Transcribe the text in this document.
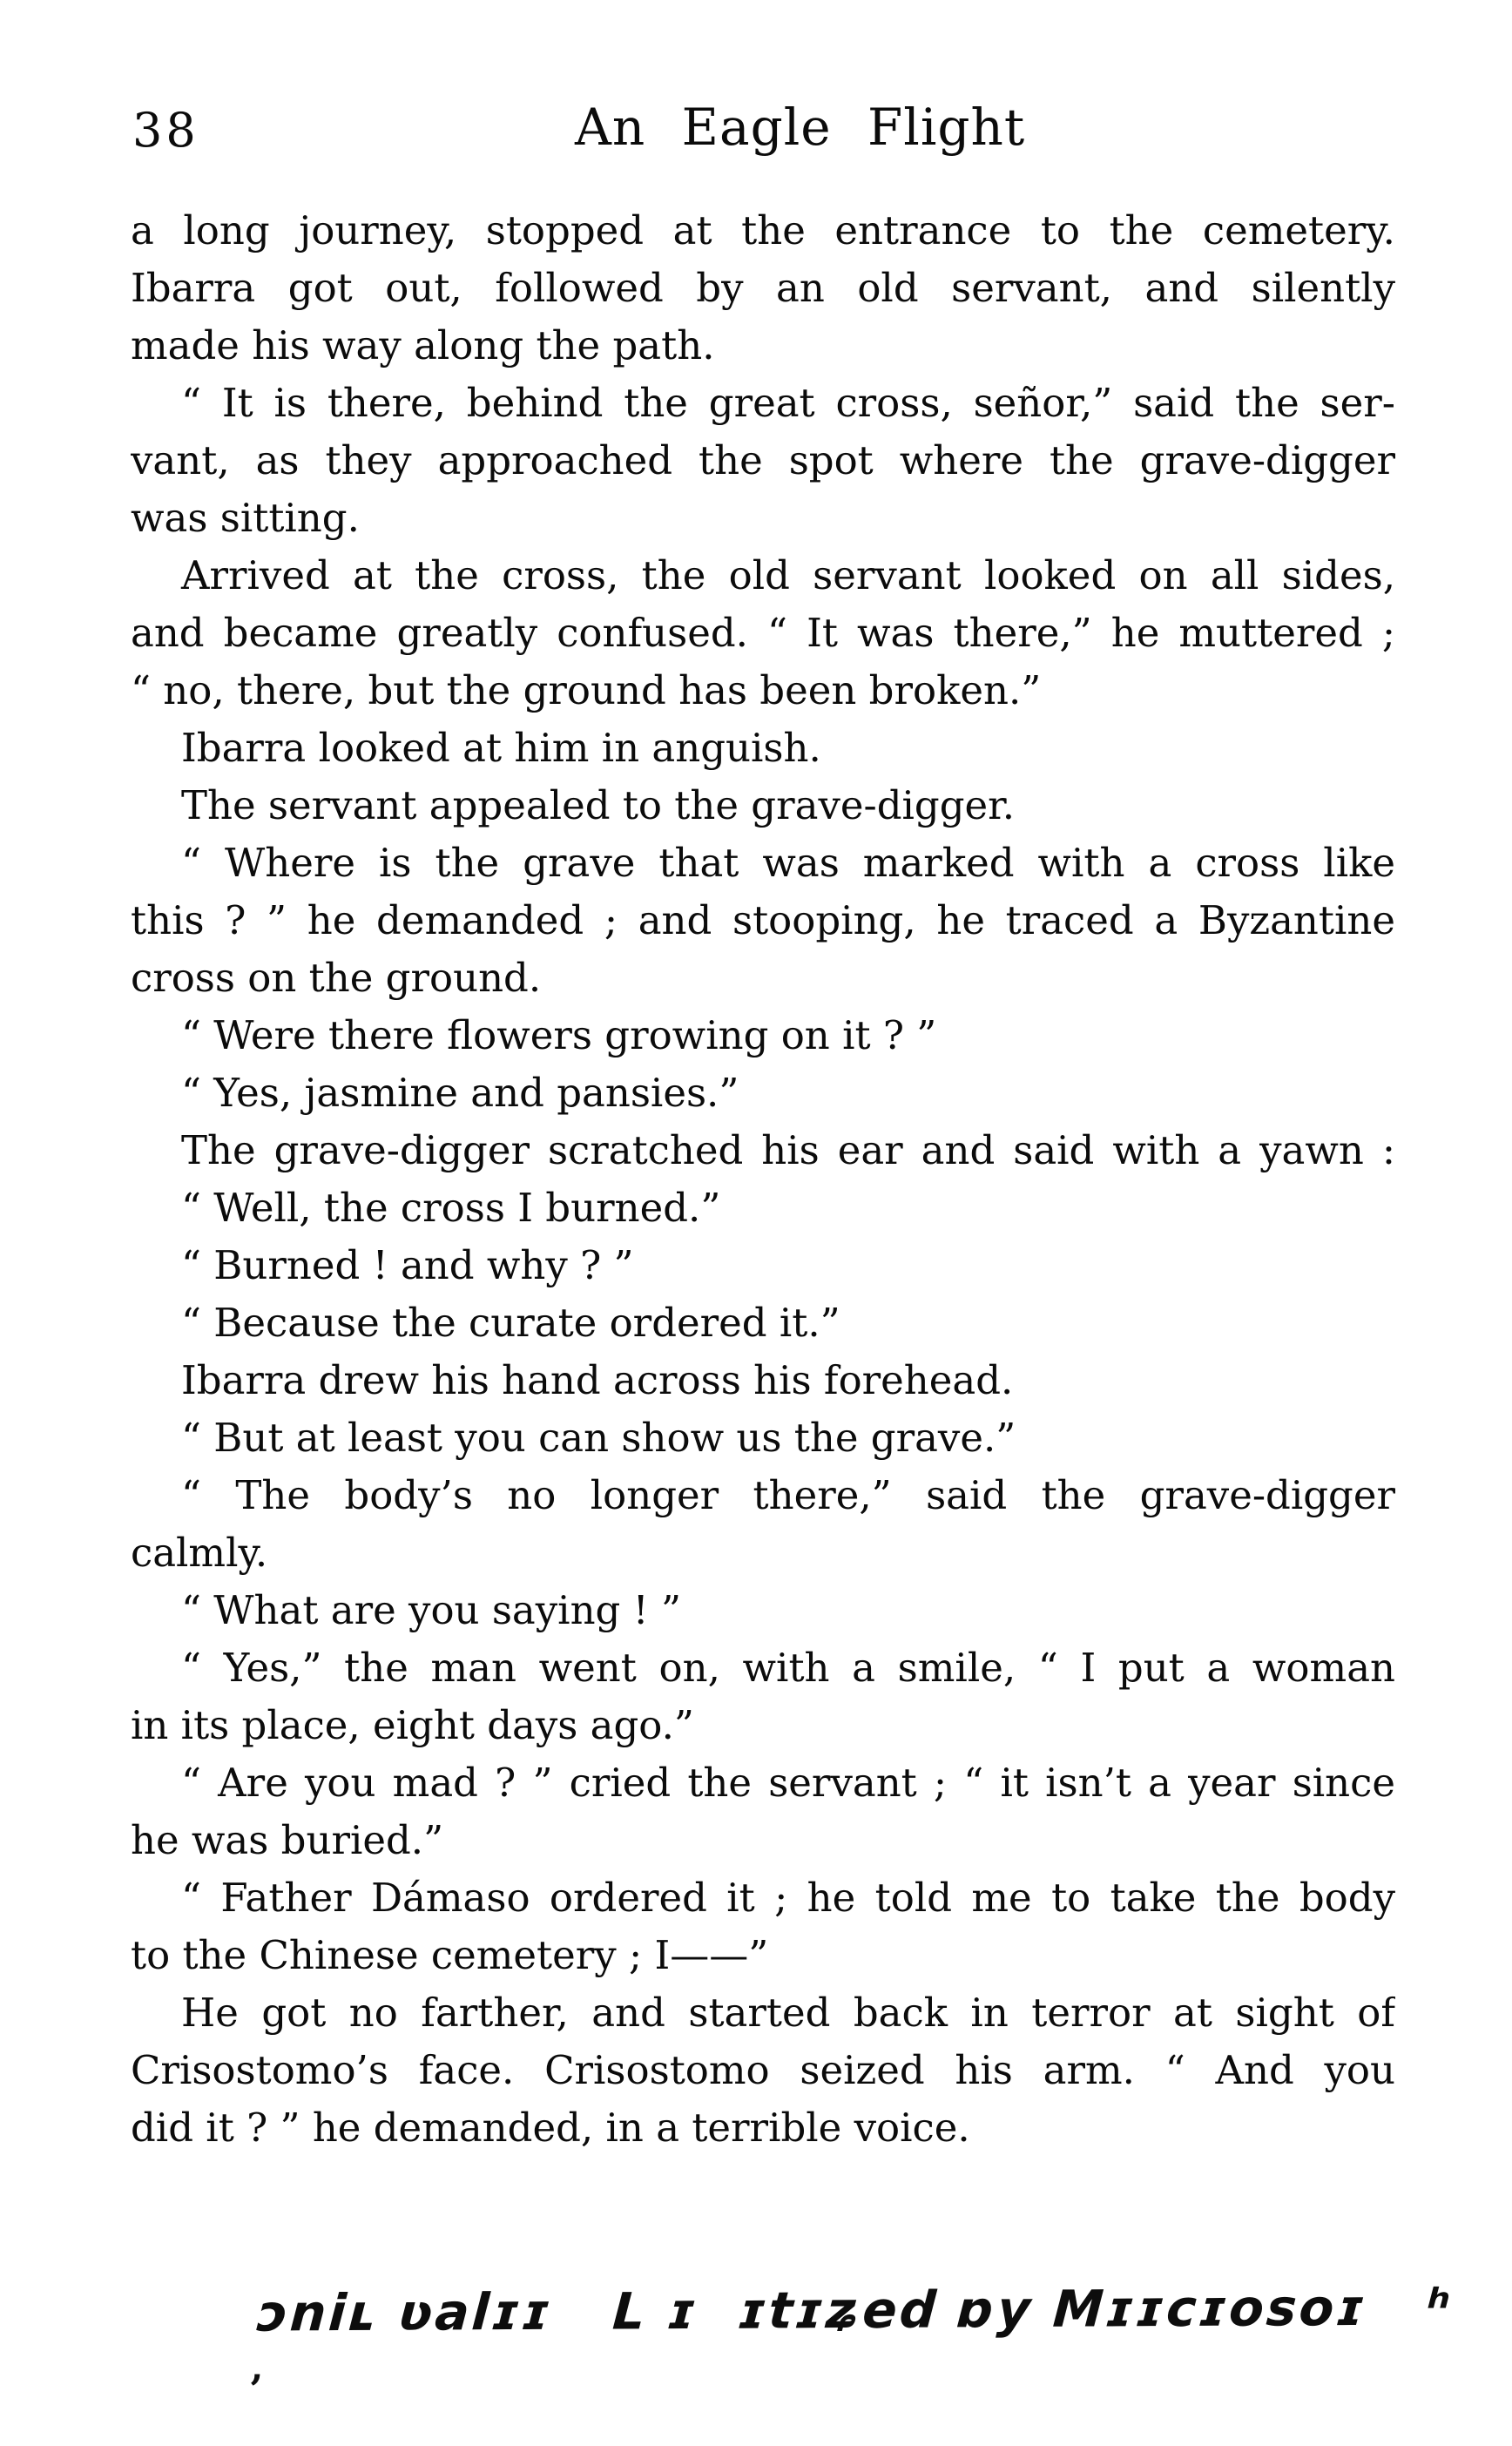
38	An Eagle Flight
a long journey, stopped at the entrance to the cemetery.
Ibarra got out, followed by an old servant, and silently
made his way along the path.
“ It is there, behind the great cross, señor,” said the ser-
vant, as they approached the spot where the grave-digger
was sitting.
Arrived at the cross, the old servant looked on all sides,
and became greatly confused. “ It was there,” he muttered ;
“ no, there, but the ground has been broken.”
Ibarra looked at him in anguish.
The servant appealed to the grave-digger.
“ Where is the grave that was marked with a cross like
this ? ” he demanded ; and stooping, he traced a Byzantine
cross on the ground.
“ Were there flowers growing on it ? ”
“ Yes, jasmine and pansies.”
The grave-digger scratched his ear and said with a yawn :
“ Well, the cross I burned.”
“ Burned ! and why ? ”
“ Because the curate ordered it.”
Ibarra drew his hand across his forehead.
“ But at least you can show us the grave.”
“ The body’s no longer there,” said the grave-digger
calmly.
“ What are you saying ! ”
“ Yes,” the man went on, with a smile, “ I put a woman
in its place, eight days ago.”
“ Are you mad ? ” cried the servant ; “ it isn’t a year since
he was buried.”
“ Father Dámaso ordered it ; he told me to take the body
to the Chinese cemetery ; I——”
He got no farther, and started back in terror at sight of
Crisostomo’s face. Crisostomo seized his arm. “ And you
did it ? ” he demanded, in a terrible voice.
ɔniʟ ʋalɪɪ   L ɪ  ɪtɪʑed ɒy Μɪɪcɪosoɪ   ʰ
’
